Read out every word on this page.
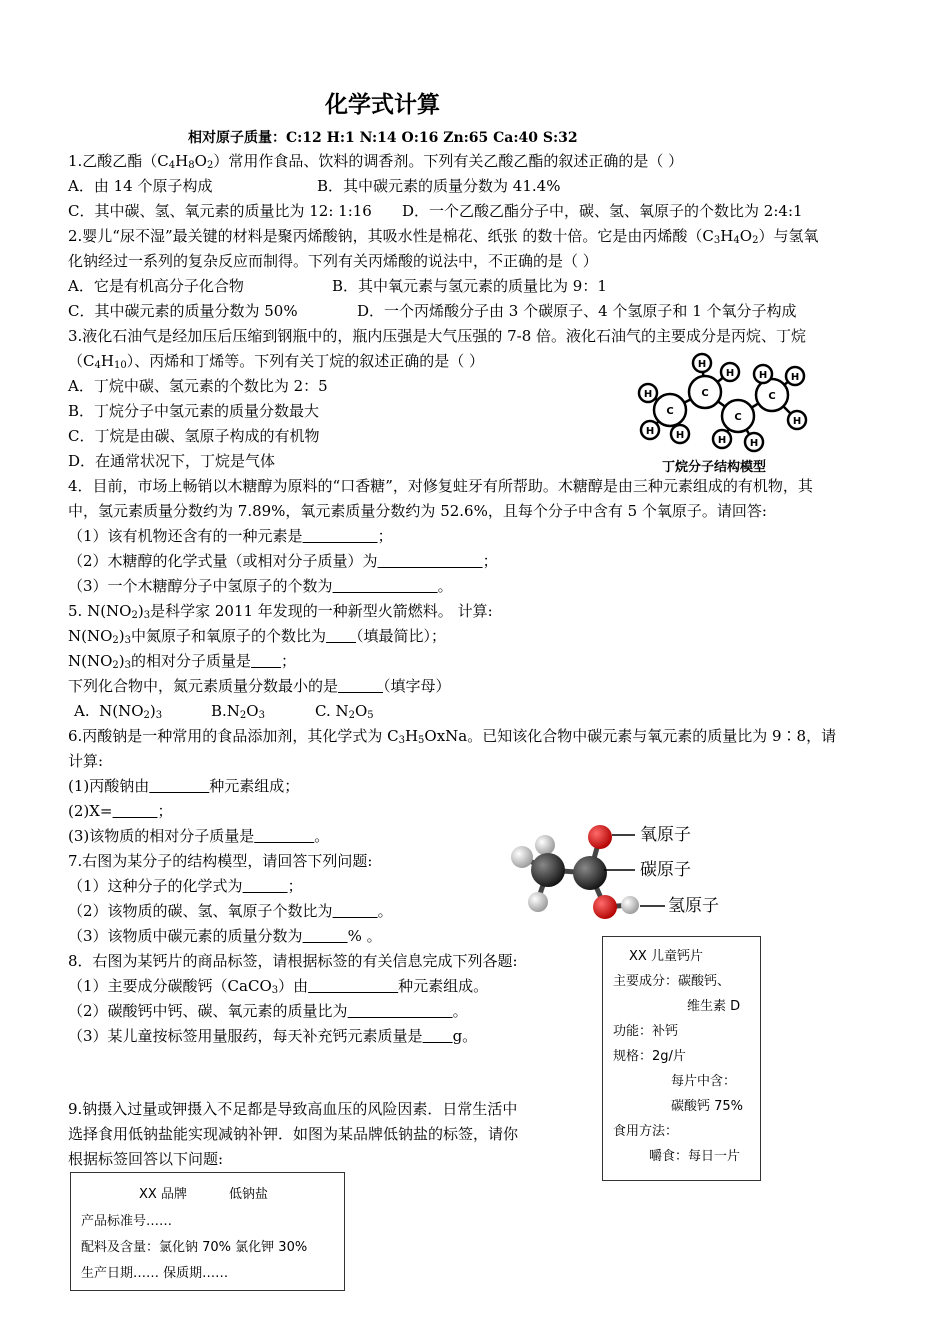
化学式计算
相对原子质量：C:12 H:1 N:14 O:16 Zn:65 Ca:40 S:32
1.乙酸乙酯$(C_4H_8O_2)$常用作食品、饮料的调香剂。下列有关乙酸乙酯的叙述正确的是（ ）
A．由 14 个原子构成	B．其中碳元素的质量分数为 41.4%
C．其中碳、氢、氧元素的质量比为 12: 1:16 D．一个乙酸乙酯分子中，碳、氢、氧原子的个数比为 2:4:1
2.婴儿“尿不湿”最关键的材料是聚丙烯酸钠，其吸水性是棉花、纸张 的数十倍。它是由丙烯酸$(C_3H_4O_2)$与氢氧
化钠经过一系列的复杂反应而制得。下列有关丙烯酸的说法中，不正确的是（ ）
A．它是有机高分子化合物	B．其中氧元素与氢元素的质量比为 9：1
C．其中碳元素的质量分数为 50%	D．一个丙烯酸分子由 3 个碳原子、4 个氢原子和 1 个氧分子构成
3.液化石油气是经加压后压缩到钢瓶中的，瓶内压强是大气压强的 7-8 倍。液化石油气的主要成分是丙烷、丁烷
$(C_4H_{10})$、丙烯和丁烯等。下列有关丁烷的叙述正确的是（ ）
A．丁烷中碳、氢元素的个数比为 2：5
B．丁烷分子中氢元素的质量分数最大
C．丁烷是由碳、氢原子构成的有机物
D．在通常状况下，丁烷是气体
C
C
C
C
H
H H
H
H
H H
H H
H
丁烷分子结构模型
4．目前，市场上畅销以木糖醇为原料的“口香糖”，对修复蛀牙有所帮助。木糖醇是由三种元素组成的有机物，其
中，氢元素质量分数约为 7.89%，氧元素质量分数约为 52.6%，且每个分子中含有 5 个氧原子。请回答:
（1）该有机物还含有的一种元素是　　　　　	；
（2）木糖醇的化学式量（或相对分子质量）为　　　　　　　	；
（3）一个木糖醇分子中氢原子的个数为　　　　　　　	。
5. $N(NO_2)_3$是科学家 2011 年发现的一种新型火箭燃料。 计算:
$N(NO_2)_3$中氮原子和氧原子的个数比为　　 （填最简比）；
$N(NO_2)_3$的相对分子质量是　　 ；
下列化合物中，氮元素质量分数最小的是　　　	（填字母）
A.  $N(NO_2)_3$	$B.N_2O_3$	C. $N_2O_5$
6.丙酸钠是一种常用的食品添加剂，其化学式为 $C_3H_5OxNa$。已知该化合物中碳元素与氧元素的质量比为 9∶8，请
计算:
(1)丙酸钠由　　　　	种元素组成；
(2)X=　　　	；
(3)该物质的相对分子质量是　　　　	。	氧原子
碳原子
氢原子
7.右图为某分子的结构模型，请回答下列问题:
（1）这种分子的化学式为　　　	；
（2）该物质的碳、氢、氧原子个数比为　　　	。
（3）该物质中碳元素的质量分数为　　　	% 。
8．右图为某钙片的商品标签，请根据标签的有关信息完成下列各题:
（1）主要成分碳酸钙（CaCO$_3$）由　　　　　　	种元素组成。
（2）碳酸钙中钙、碳、氧元素的质量比为　　　　　　　	。
（3）某儿童按标签用量服药，每天补充钙元素质量是　　 g。
XX 儿童钙片
主要成分：碳酸钙、
维生素 D
功能：补钙
规格：2g/片
每片中含：
碳酸钙 75%
食用方法：
嚼食：每日一片
9.钠摄入过量或钾摄入不足都是导致高血压的风险因素．日常生活中
选择食用低钠盐能实现减钠补钾．如图为某品牌低钠盐的标签，请你
根据标签回答以下问题:
XX 品牌	低钠盐
产品标准号……
配料及含量：氯化钠 70% 氯化钾 30%
生产日期…… 保质期……
